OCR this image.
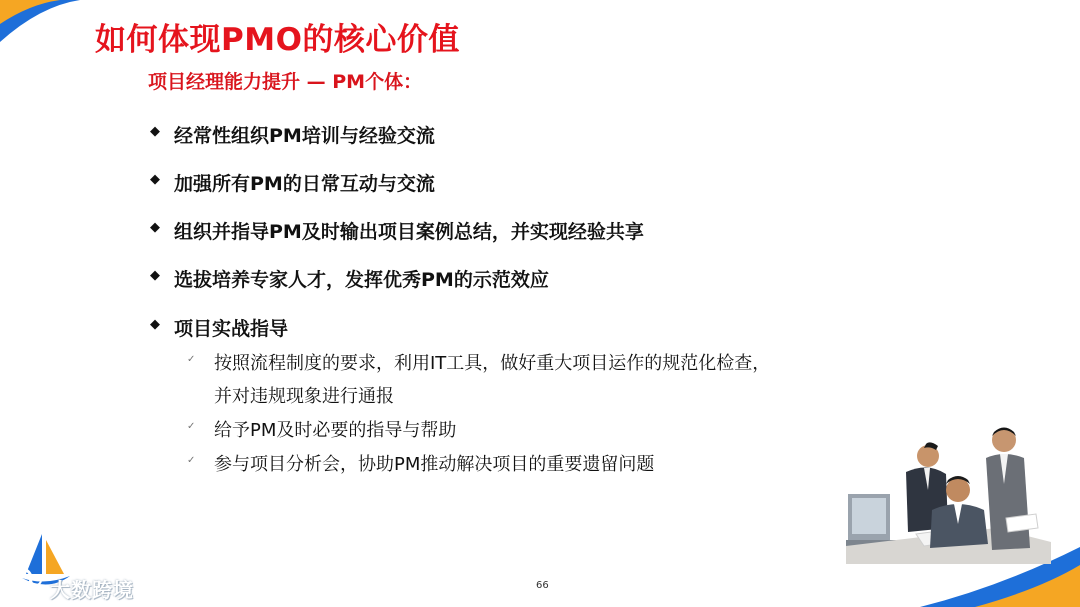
如何体现PMO的核心价值
项目经理能力提升 — PM个体：
◆ 经常性组织PM培训与经验交流
◆ 加强所有PM的日常互动与交流
◆ 组织并指导PM及时输出项目案例总结，并实现经验共享
◆ 选拔培养专家人才，发挥优秀PM的示范效应
◆ 项目实战指导
✓ 按照流程制度的要求，利用IT工具，做好重大项目运作的规范化检查，
并对违规现象进行通报
✓ 给予PM及时必要的指导与帮助
✓ 参与项目分析会，协助PM推动解决项目的重要遗留问题
大数跨境	66
